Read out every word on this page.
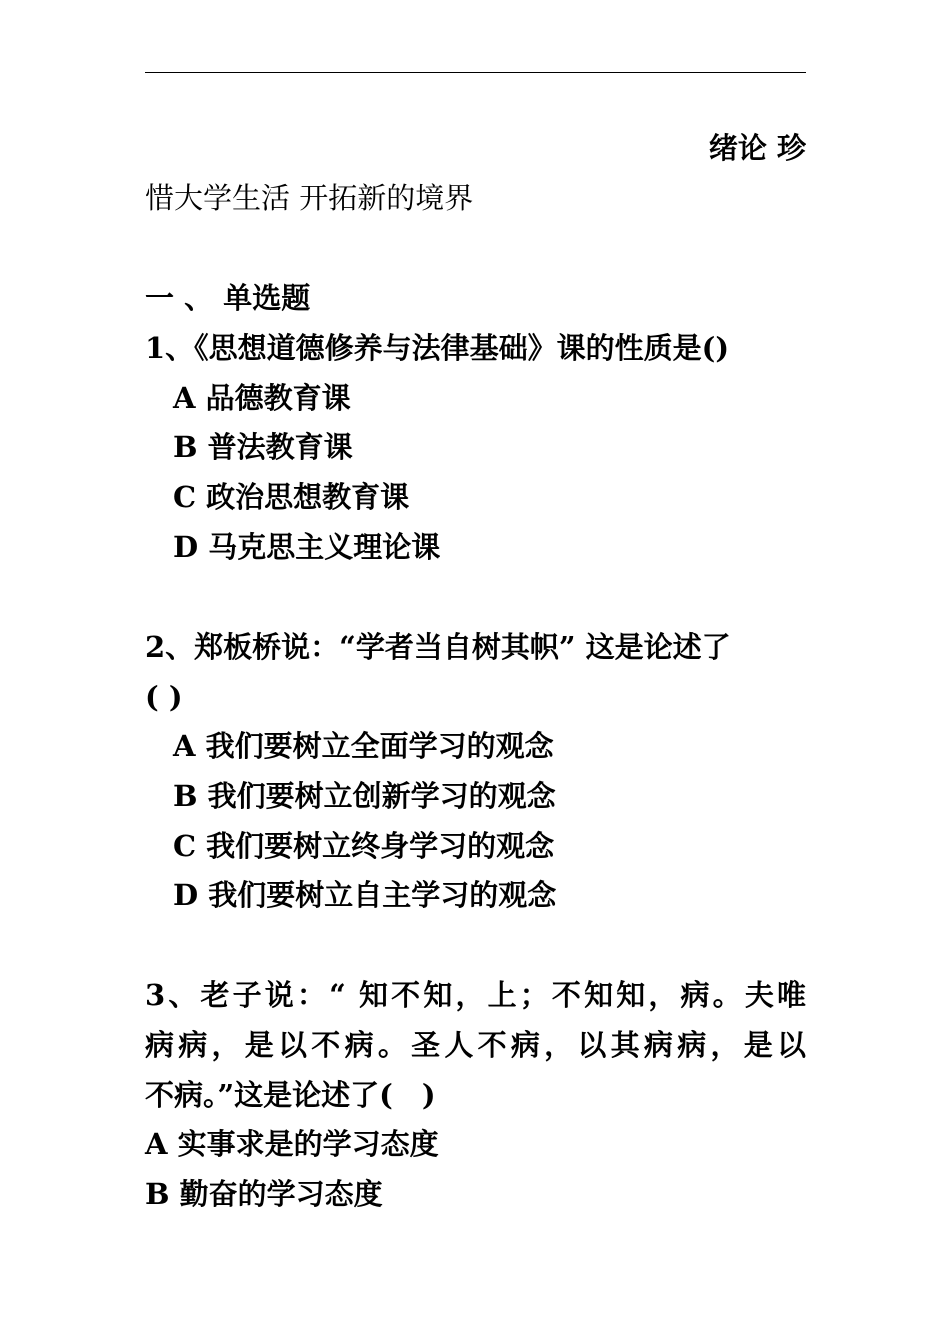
绪论 珍
惜大学生活 开拓新的境界
一 、 单选题
1、《思想道德修养与法律基础》课的性质是()
A 品德教育课
B 普法教育课
C 政治思想教育课
D 马克思主义理论课
2、郑板桥说：“学者当自树其帜” 这是论述了
( )
A 我们要树立全面学习的观念
B 我们要树立创新学习的观念
C 我们要树立终身学习的观念
D 我们要树立自主学习的观念
3、老子说：“ 知不知，上；不知知，病。夫唯
病病，是以不病。圣人不病，以其病病，是以
不病。”这是论述了(　)
A 实事求是的学习态度
B 勤奋的学习态度
